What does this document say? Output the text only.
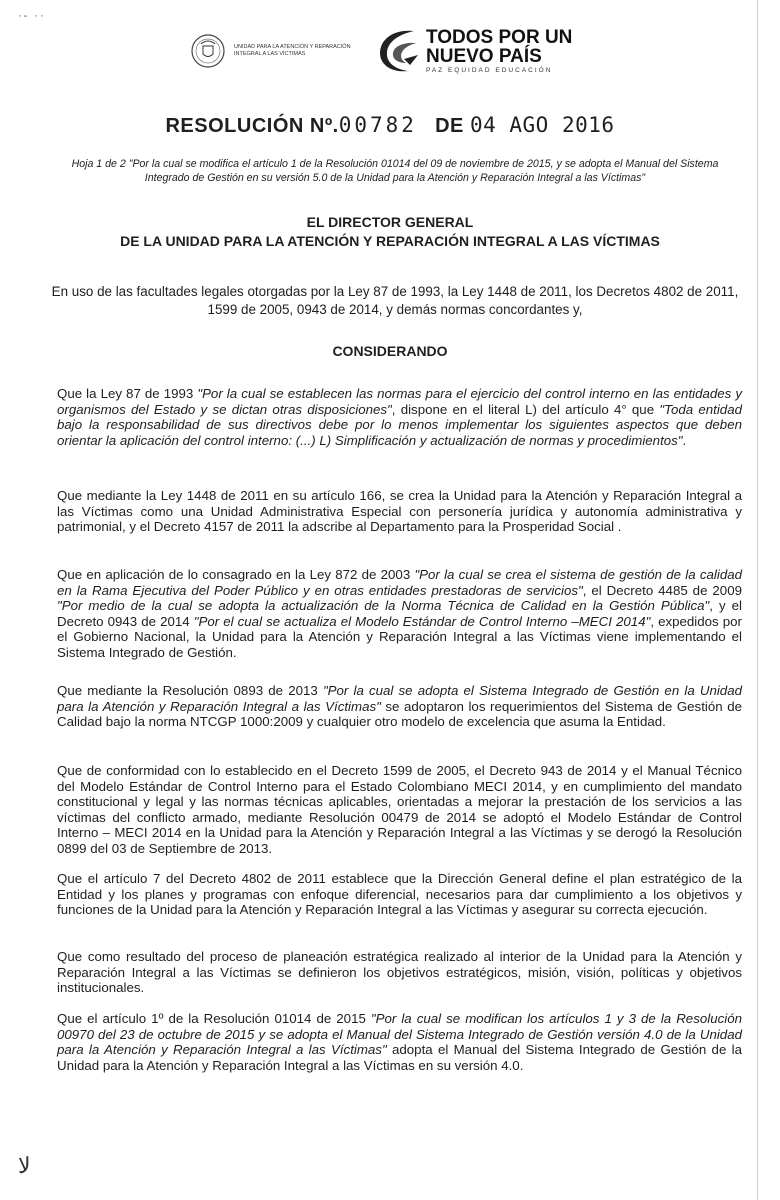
·- ··
UNIDAD PARA LA ATENCIÓN Y REPARACIÓN INTEGRAL A LAS VÍCTIMAS
TODOS POR UN
NUEVO PAÍS
PAZ EQUIDAD EDUCACIÓN
RESOLUCIÓN Nº.00782 DE 04 AGO 2016
Hoja 1 de 2 "Por la cual se modifica el artículo 1 de la Resolución 01014 del 09 de noviembre de 2015, y se adopta el Manual del Sistema Integrado de Gestión en su versión 5.0 de la Unidad para la Atención y Reparación Integral a las Víctimas"
EL DIRECTOR GENERAL
DE LA UNIDAD PARA LA ATENCIÓN Y REPARACIÓN INTEGRAL A LAS VÍCTIMAS
En uso de las facultades legales otorgadas por la Ley 87 de 1993, la Ley 1448 de 2011, los Decretos 4802 de 2011, 1599 de 2005, 0943 de 2014, y demás normas concordantes y,
CONSIDERANDO

Que la Ley 87 de 1993 "Por la cual se establecen las normas para el ejercicio del control interno en las entidades y organismos del Estado y se dictan otras disposiciones", dispone en el literal L) del artículo 4° que "Toda entidad bajo la responsabilidad de sus directivos debe por lo menos implementar los siguientes aspectos que deben orientar la aplicación del control interno: (...) L) Simplificación y actualización de normas y procedimientos".

Que mediante la Ley 1448 de 2011 en su artículo 166, se crea la Unidad para la Atención y Reparación Integral a las Víctimas como una Unidad Administrativa Especial con personería jurídica y autonomía administrativa y patrimonial, y el Decreto 4157 de 2011 la adscribe al Departamento para la Prosperidad Social .

Que en aplicación de lo consagrado en la Ley 872 de 2003 "Por la cual se crea el sistema de gestión de la calidad en la Rama Ejecutiva del Poder Público y en otras entidades prestadoras de servicios", el Decreto 4485 de 2009 "Por medio de la cual se adopta la actualización de la Norma Técnica de Calidad en la Gestión Pública", y el Decreto 0943 de 2014 "Por el cual se actualiza el Modelo Estándar de Control Interno –MECI 2014", expedidos por el Gobierno Nacional, la Unidad para la Atención y Reparación Integral a las Víctimas viene implementando el Sistema Integrado de Gestión.

Que mediante la Resolución 0893 de 2013 "Por la cual se adopta el Sistema Integrado de Gestión en la Unidad para la Atención y Reparación Integral a las Víctimas" se adoptaron los requerimientos del Sistema de Gestión de Calidad bajo la norma NTCGP 1000:2009 y cualquier otro modelo de excelencia que asuma la Entidad.

Que de conformidad con lo establecido en el Decreto 1599 de 2005, el Decreto 943 de 2014 y el Manual Técnico del Modelo Estándar de Control Interno para el Estado Colombiano MECI 2014, y en cumplimiento del mandato constitucional y legal y las normas técnicas aplicables, orientadas a mejorar la prestación de los servicios a las víctimas del conflicto armado, mediante Resolución 00479 de 2014 se adoptó el Modelo Estándar de Control Interno – MECI 2014 en la Unidad para la Atención y Reparación Integral a las Víctimas y se derogó la Resolución 0899 del 03 de Septiembre de 2013.

Que el artículo 7 del Decreto 4802 de 2011 establece que la Dirección General define el plan estratégico de la Entidad y los planes y programas con enfoque diferencial, necesarios para dar cumplimiento a los objetivos y funciones de la Unidad para la Atención y Reparación Integral a las Víctimas y asegurar su correcta ejecución.

Que como resultado del proceso de planeación estratégica realizado al interior de la Unidad para la Atención y Reparación Integral a las Víctimas se definieron los objetivos estratégicos, misión, visión, políticas y objetivos institucionales.

Que el artículo 1º de la Resolución 01014 de 2015 "Por la cual se modifican los artículos 1 y 3 de la Resolución 00970 del 23 de octubre de 2015 y se adopta el Manual del Sistema Integrado de Gestión versión 4.0 de la Unidad para la Atención y Reparación Integral a las Víctimas" adopta el Manual del Sistema Integrado de Gestión de la Unidad para la Atención y Reparación Integral a las Víctimas en su versión 4.0.

ﻻ
